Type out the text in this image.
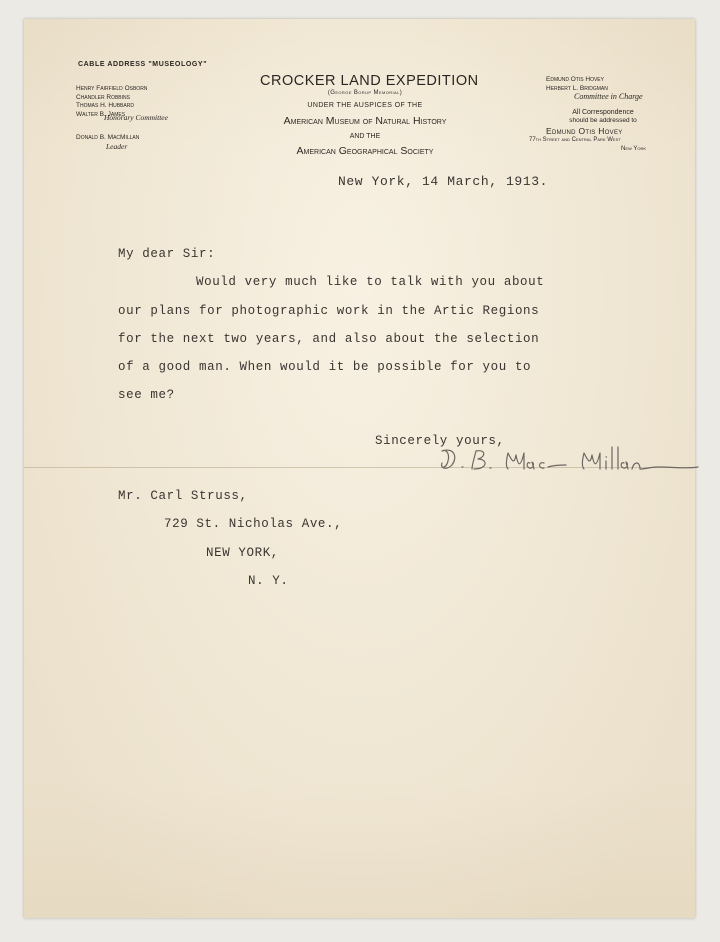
CABLE ADDRESS "MUSEOLOGY"
Henry Fairfield Osborn
Chandler Robbins
Thomas H. Hubbard
Walter B. James
Honorary Committee
Donald B. MacMillan
Leader
CROCKER LAND EXPEDITION
(George Borup Memorial)
UNDER THE AUSPICES OF THE
American Museum of Natural History
AND THE
American Geographical Society
Edmund Otis Hovey
Herbert L. Bridgman
Committee in Charge
All Correspondence
should be addressed to
Edmund Otis Hovey
77th Street and Central Park West
New York
New York, 14 March, 1913.
My dear Sir:
Would very much like to talk with you about
our plans for photographic work in the Artic Regions
for the next two years, and also about the selection
of a good man. When would it be possible for you to
see me?
Sincerely yours,
Mr. Carl Struss,
729 St. Nicholas Ave.,
NEW YORK,
N. Y.
